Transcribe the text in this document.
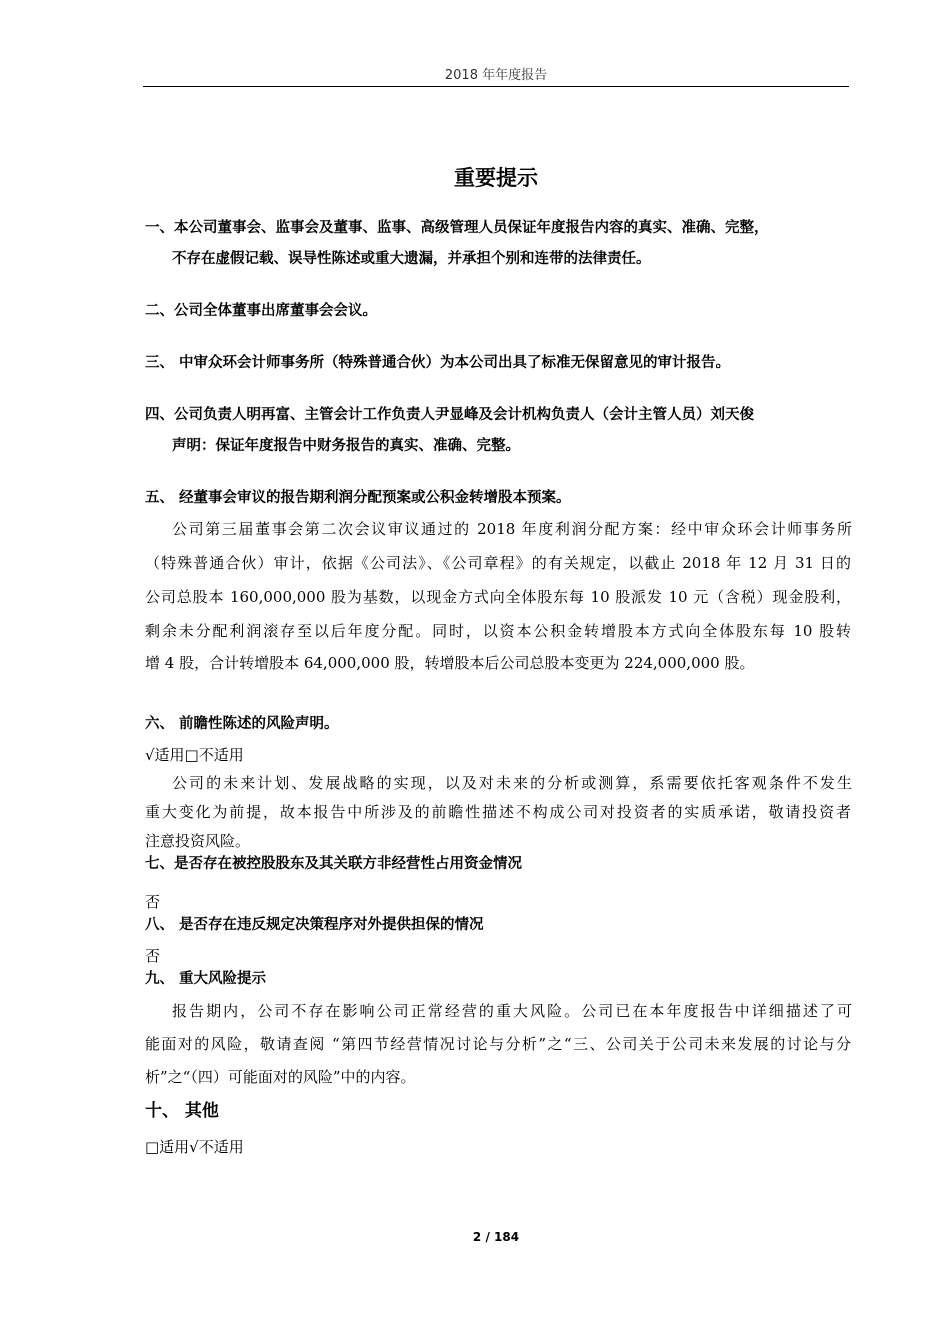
2018 年年度报告
重要提示
一、本公司董事会、监事会及董事、监事、高级管理人员保证年度报告内容的真实、准确、完整，
不存在虚假记载、误导性陈述或重大遗漏，并承担个别和连带的法律责任。
二、公司全体董事出席董事会会议。
三、 中审众环会计师事务所（特殊普通合伙）为本公司出具了标准无保留意见的审计报告。
四、公司负责人明再富、主管会计工作负责人尹显峰及会计机构负责人（会计主管人员）刘天俊
声明：保证年度报告中财务报告的真实、准确、完整。
五、 经董事会审议的报告期利润分配预案或公积金转增股本预案。
公司第三届董事会第二次会议审议通过的 2018 年度利润分配方案：经中审众环会计师事务所
（特殊普通合伙）审计，依据《公司法》、《公司章程》的有关规定，以截止 2018 年 12 月 31 日的
公司总股本 160,000,000 股为基数，以现金方式向全体股东每 10 股派发 10 元（含税）现金股利，
剩余未分配利润滚存至以后年度分配。同时，以资本公积金转增股本方式向全体股东每 10 股转
增 4 股，合计转增股本 64,000,000 股，转增股本后公司总股本变更为 224,000,000 股。
六、 前瞻性陈述的风险声明。
√适用□不适用
公司的未来计划、发展战略的实现，以及对未来的分析或测算，系需要依托客观条件不发生
重大变化为前提，故本报告中所涉及的前瞻性描述不构成公司对投资者的实质承诺，敬请投资者
注意投资风险。
七、是否存在被控股股东及其关联方非经营性占用资金情况
否
八、 是否存在违反规定决策程序对外提供担保的情况
否
九、 重大风险提示
报告期内，公司不存在影响公司正常经营的重大风险。公司已在本年度报告中详细描述了可
能面对的风险，敬请查阅 “第四节经营情况讨论与分析”之“三、公司关于公司未来发展的讨论与分
析”之“（四）可能面对的风险”中的内容。
十、 其他
□适用√不适用
2 / 184
